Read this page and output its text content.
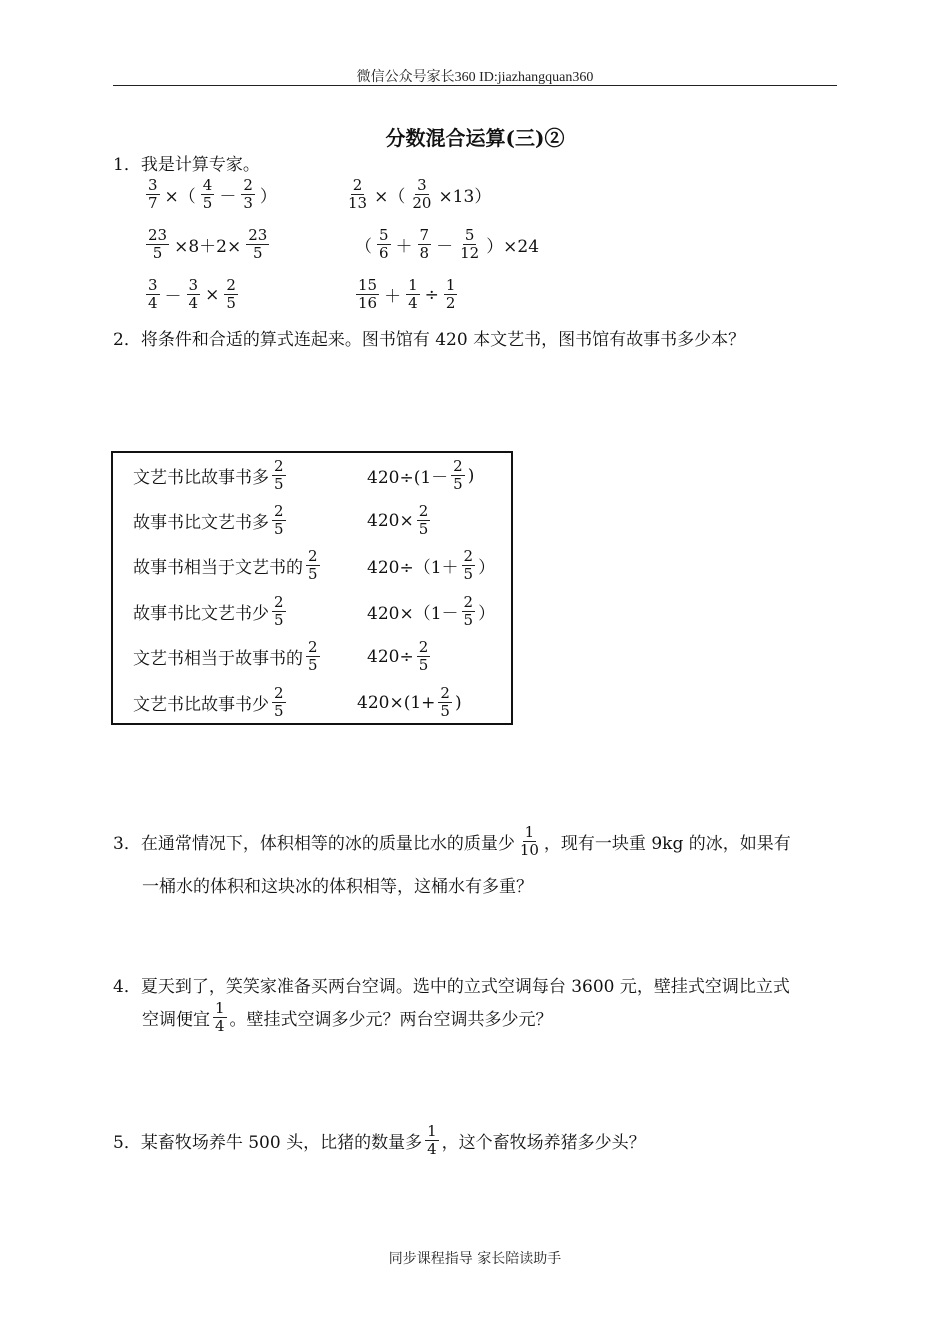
微信公众号家长360 ID:jiazhangquan360
分数混合运算(三)②
1．我是计算专家。
$\frac{3}{7}$ ×（ $\frac{4}{5} - \frac{2}{3}$ ）	$\frac{2}{13}$ ×（ $\frac{3}{20} \times 13$）
$\frac{23}{5} \times 8+2\times \frac{23}{5}$	（ $\frac{5}{6} + \frac{7}{8} - \frac{5}{12} )\times 24$
$\frac{3}{4} - \frac{3}{4} \times \frac{2}{5}$	$\frac{15}{16} + \frac{1}{4} \div \frac{1}{2}$
2．将条件和合适的算式连起来。图书馆有 420 本文艺书，图书馆有故事书多少本？
文艺书比故事书多 $\frac{2}{5}$	$420\div(1- \frac{2}{5}$ )
故事书比文艺书多 $\frac{2}{5}$	$420\times \frac{2}{5}$
故事书相当于文艺书的 $\frac{2}{5}$	$420\div(1+ \frac{2}{5}$ ）
故事书比文艺书少 $\frac{2}{5}$	$420\times(1- \frac{2}{5}$ ）
文艺书相当于故事书的 $\frac{2}{5}$	$420\div \frac{2}{5}$
文艺书比故事书少 $\frac{2}{5}$	$420\times(1+ \frac{2}{5}$ )
3．在通常情况下，体积相等的冰的质量比水的质量少 $\frac{1}{10}$ ，现有一块重 9kg 的冰，如果有
一桶水的体积和这块冰的体积相等，这桶水有多重？
4．夏天到了，笑笑家准备买两台空调。选中的立式空调每台 3600 元，壁挂式空调比立式
空调便宜 $\frac{1}{4}$ 。壁挂式空调多少元？两台空调共多少元？
5．某畜牧场养牛 500 头，比猪的数量多 $\frac{1}{4}$ ，这个畜牧场养猪多少头？
同步课程指导 家长陪读助手
